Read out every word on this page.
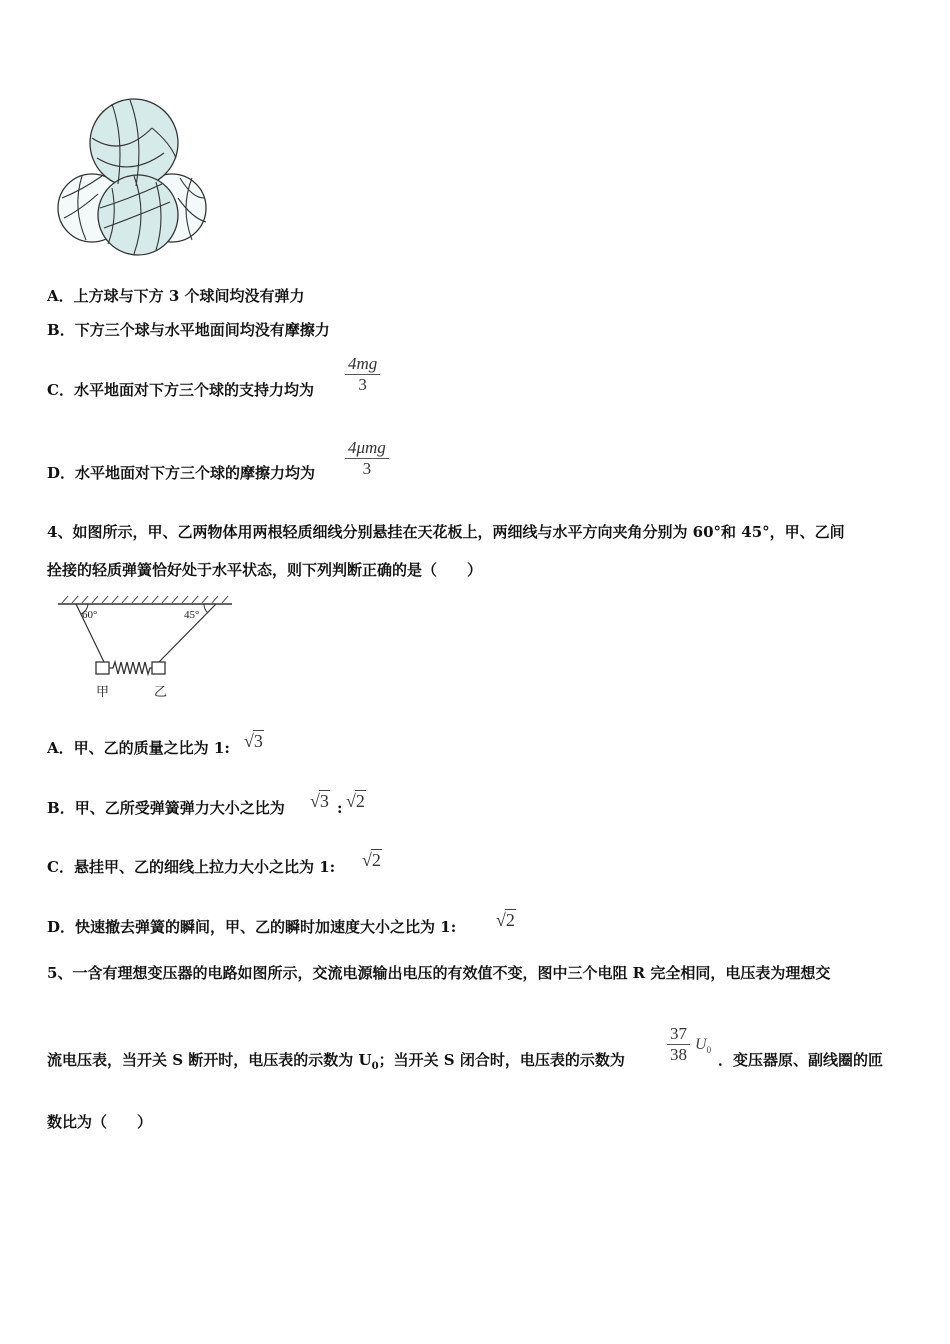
A．上方球与下方 3 个球间均没有弹力
B．下方三个球与水平地面间均没有摩擦力
C．水平地面对下方三个球的支持力均为 $\frac{4mg}{3}$
D．水平地面对下方三个球的摩擦力均为
4μmg
3
4、如图所示，甲、乙两物体用两根轻质细线分别悬挂在天花板上，两细线与水平方向夹角分别为 60°和 45°，甲、乙间
拴接的轻质弹簧恰好处于水平状态，则下列判断正确的是（　　）
60°	45°
甲	乙
A．甲、乙的质量之比为 1: √3
B．甲、乙所受弹簧弹力大小之比为 √3 : √2
C．悬挂甲、乙的细线上拉力大小之比为 1: √2
D．快速撤去弹簧的瞬间，甲、乙的瞬时加速度大小之比为 1: √2
5、一含有理想变压器的电路如图所示，交流电源输出电压的有效值不变，图中三个电阻 R 完全相同，电压表为理想交
流电压表，当开关 S 断开时，电压表的示数为 $U_0$；当开关 S 闭合时，电压表的示数为	$\frac{37}{38} U_0$
．变压器原、副线圈的匝
数比为（　　）
